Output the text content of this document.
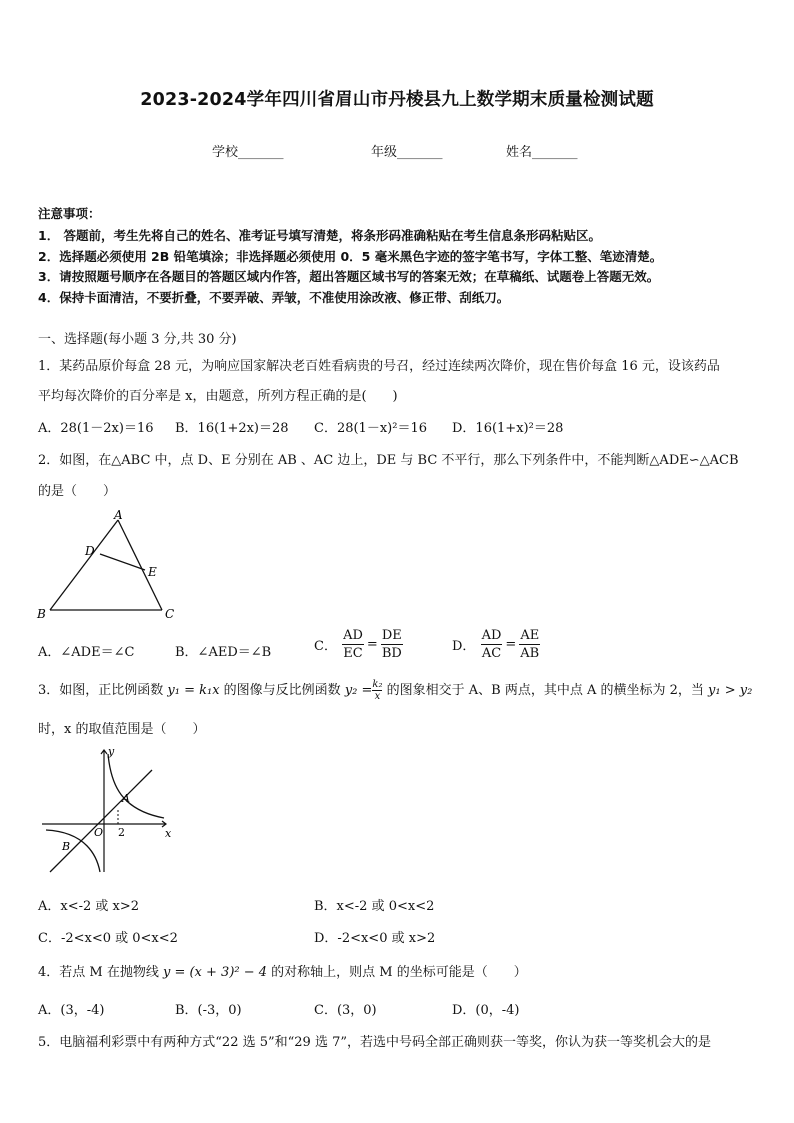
2023-2024学年四川省眉山市丹棱县九上数学期末质量检测试题
学校_______	年级_______	姓名_______
注意事项：
1． 答题前，考生先将自己的姓名、准考证号填写清楚，将条形码准确粘贴在考生信息条形码粘贴区。
2．选择题必须使用 2B 铅笔填涂；非选择题必须使用 0．5 毫米黑色字迹的签字笔书写，字体工整、笔迹清楚。
3．请按照题号顺序在各题目的答题区域内作答，超出答题区域书写的答案无效；在草稿纸、试题卷上答题无效。
4．保持卡面清洁，不要折叠，不要弄破、弄皱，不准使用涂改液、修正带、刮纸刀。
一、选择题(每小题 3 分,共 30 分)
1．某药品原价每盒 28 元，为响应国家解决老百姓看病贵的号召，经过连续两次降价，现在售价每盒 16 元，设该药品
平均每次降价的百分率是 x，由题意，所列方程正确的是(　　)
A．28(1－2x)＝16 B．16(1+2x)＝28 C．28(1－x)²＝16 D．16(1+x)²＝28
2．如图，在△ABC 中，点 D、E 分别在 AB 、AC 边上，DE 与 BC 不平行，那么下列条件中，不能判断△ADE∽△ACB
的是（　　）
A
D
E
B	C
A．∠ADE＝∠C	B．∠AED＝∠B	C． $\frac{AD}{EC} = \frac{DE}{BD}$	D． $\frac{AD}{AC} = \frac{AE}{AB}$
3．如图，正比例函数 y₁ = k₁x 的图像与反比例函数 $y_2 = \frac{\text{k₂}}{x}$ 的图象相交于 A、B 两点，其中点 A 的横坐标为 2，当 y₁ > y₂
时，x 的取值范围是（　　）
y
x
O
A
B
2
A．x<-2 或 x>2	B．x<-2 或 0<x<2
C．-2<x<0 或 0<x<2	D．-2<x<0 或 x>2
4．若点 M 在抛物线 y = (x + 3)² − 4 的对称轴上，则点 M 的坐标可能是（　　）
A．(3，-4)	B．(-3，0)	C．(3，0)	D．(0，-4)
5．电脑福利彩票中有两种方式“22 选 5”和“29 选 7”，若选中号码全部正确则获一等奖，你认为获一等奖机会大的是
